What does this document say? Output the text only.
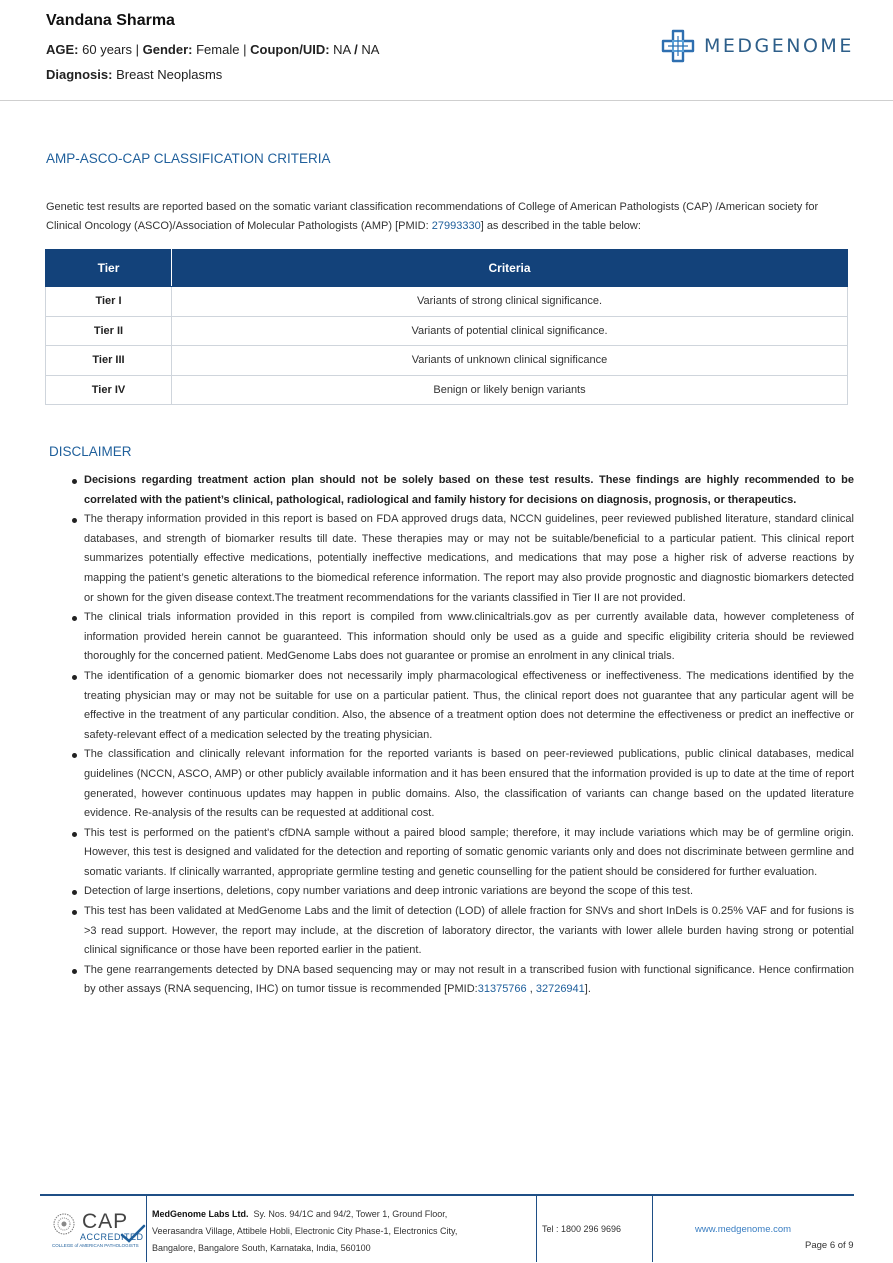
Vandana Sharma
AGE: 60 years | Gender: Female | Coupon/UID: NA / NA
Diagnosis: Breast Neoplasms
MEDGENOME
AMP-ASCO-CAP CLASSIFICATION CRITERIA

Genetic test results are reported based on the somatic variant classification recommendations of College of American Pathologists (CAP) /American society for Clinical Oncology (ASCO)/Association of Molecular Pathologists (AMP) [PMID: 27993330] as described in the table below:

Tier	Criteria
Tier I	Variants of strong clinical significance.
Tier II	Variants of potential clinical significance.
Tier III	Variants of unknown clinical significance
Tier IV	Benign or likely benign variants
DISCLAIMER
Decisions regarding treatment action plan should not be solely based on these test results. These findings are highly recommended to be correlated with the patient’s clinical, pathological, radiological and family history for decisions on diagnosis, prognosis, or therapeutics.
The therapy information provided in this report is based on FDA approved drugs data, NCCN guidelines, peer reviewed published literature, standard clinical databases, and strength of biomarker results till date. These therapies may or may not be suitable/beneficial to a particular patient. This clinical report summarizes potentially effective medications, potentially ineffective medications, and medications that may pose a higher risk of adverse reactions by mapping the patient’s genetic alterations to the biomedical reference information. The report may also provide prognostic and diagnostic biomarkers detected or shown for the given disease context.The treatment recommendations for the variants classified in Tier II are not provided.
The clinical trials information provided in this report is compiled from www.clinicaltrials.gov as per currently available data, however completeness of information provided herein cannot be guaranteed. This information should only be used as a guide and specific eligibility criteria should be reviewed thoroughly for the concerned patient. MedGenome Labs does not guarantee or promise an enrolment in any clinical trials.
The identification of a genomic biomarker does not necessarily imply pharmacological effectiveness or ineffectiveness. The medications identified by the treating physician may or may not be suitable for use on a particular patient. Thus, the clinical report does not guarantee that any particular agent will be effective in the treatment of any particular condition. Also, the absence of a treatment option does not determine the effectiveness or predict an ineffective or safety-relevant effect of a medication selected by the treating physician.
The classification and clinically relevant information for the reported variants is based on peer-reviewed publications, public clinical databases, medical guidelines (NCCN, ASCO, AMP) or other publicly available information and it has been ensured that the information provided is up to date at the time of report generated, however continuous updates may happen in public domains. Also, the classification of variants can change based on the updated literature evidence. Re-analysis of the results can be requested at additional cost.
This test is performed on the patient's cfDNA sample without a paired blood sample; therefore, it may include variations which may be of germline origin. However, this test is designed and validated for the detection and reporting of somatic genomic variants only and does not discriminate between germline and somatic variants. If clinically warranted, appropriate germline testing and genetic counselling for the patient should be considered for further evaluation.
Detection of large insertions, deletions, copy number variations and deep intronic variations are beyond the scope of this test.
This test has been validated at MedGenome Labs and the limit of detection (LOD) of allele fraction for SNVs and short InDels is 0.25% VAF and for fusions is >3 read support. However, the report may include, at the discretion of laboratory director, the variants with lower allele burden having strong or potential clinical significance or those have been reported earlier in the patient.
The gene rearrangements detected by DNA based sequencing may or may not result in a transcribed fusion with functional significance. Hence confirmation by other assays (RNA sequencing, IHC) on tumor tissue is recommended [PMID:31375766 , 32726941].
CAP
ACCREDITED
COLLEGE of AMERICAN PATHOLOGISTS
MedGenome Labs Ltd. Sy. Nos. 94/1C and 94/2, Tower 1, Ground Floor,
Veerasandra Village, Attibele Hobli, Electronic City Phase-1, Electronics City,
Bangalore, Bangalore South, Karnataka, India, 560100
Tel : 1800 296 9696	www.medgenome.com
Page 6 of 9
